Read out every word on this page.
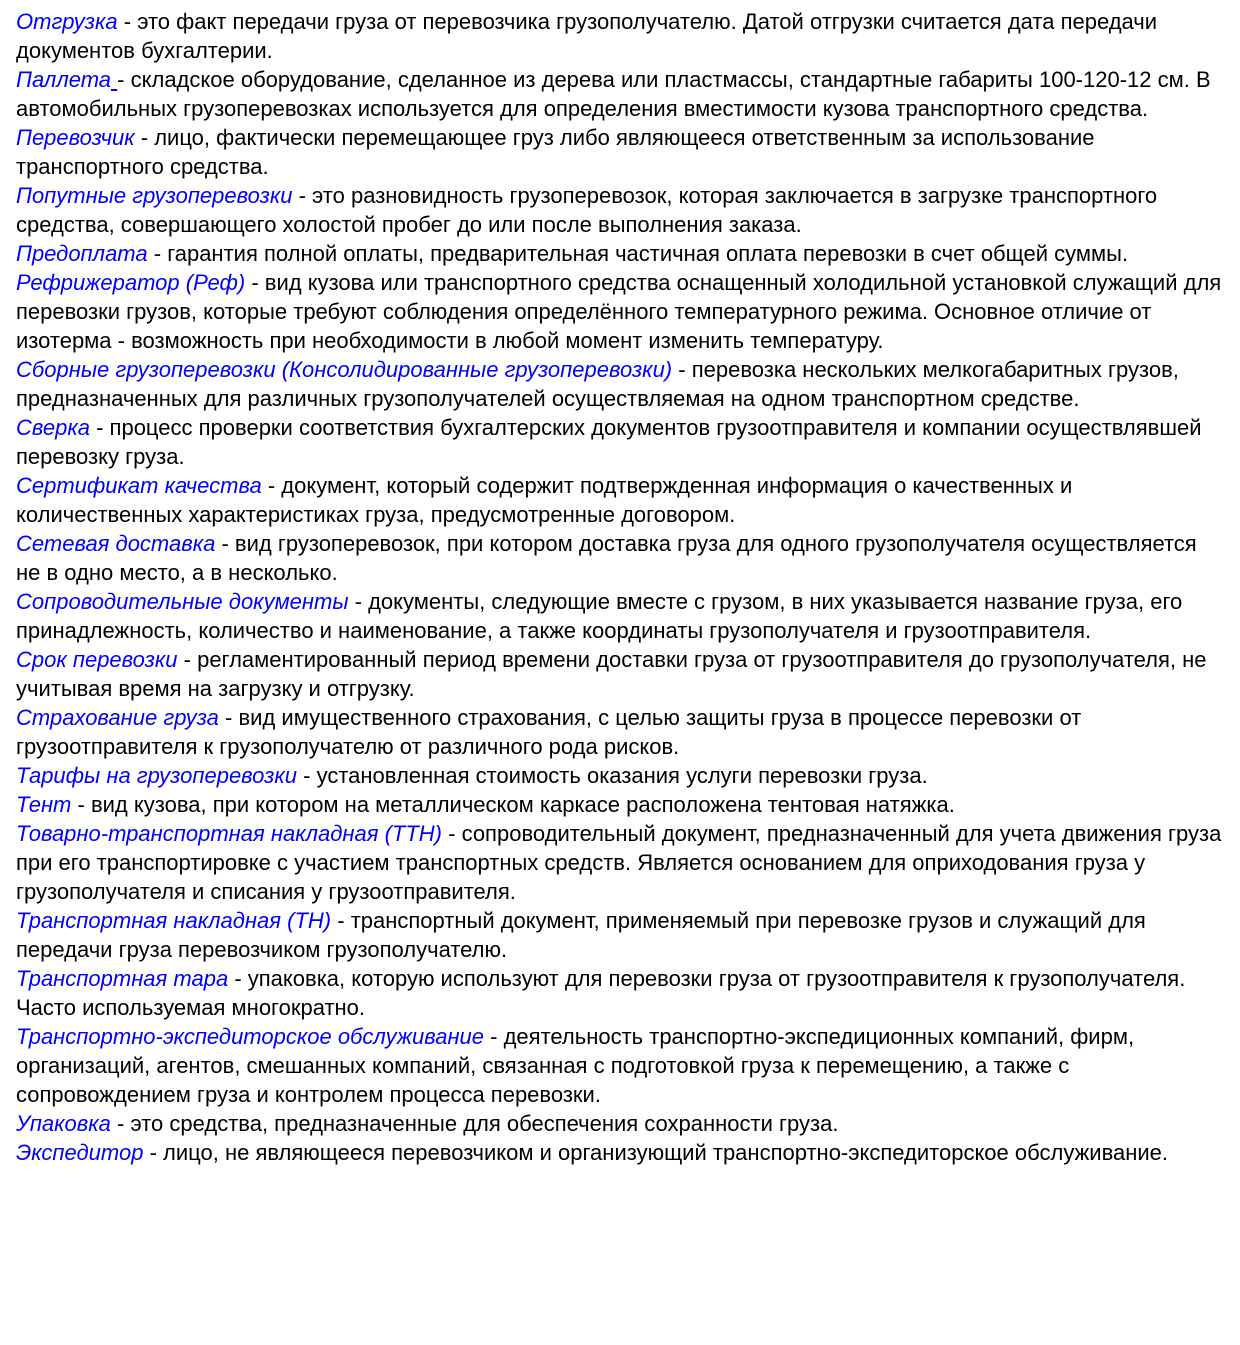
Отгрузка - это факт передачи груза от перевозчика грузополучателю. Датой отгрузки считается дата передачи документов бухгалтерии.

Паллета - складское оборудование, сделанное из дерева или пластмассы, стандартные габариты 100-120-12 см. В автомобильных грузоперевозках используется для определения вместимости кузова транспортного средства.

Перевозчик - лицо, фактически перемещающее груз либо являющееся ответственным за использование транспортного средства.

Попутные грузоперевозки - это разновидность грузоперевозок, которая заключается в загрузке транспортного средства, совершающего холостой пробег до или после выполнения заказа.

Предоплата - гарантия полной оплаты, предварительная частичная оплата перевозки в счет общей суммы.

Рефрижератор (Реф) - вид кузова или транспортного средства оснащенный холодильной установкой служащий для перевозки грузов, которые требуют соблюдения определённого температурного режима. Основное отличие от изотерма - возможность при необходимости в любой момент изменить температуру.

Сборные грузоперевозки (Консолидированные грузоперевозки) - перевозка нескольких мелкогабаритных грузов, предназначенных для различных грузополучателей осуществляемая на одном транспортном средстве.

Сверка - процесс проверки соответствия бухгалтерских документов грузоотправителя и компании осуществлявшей перевозку груза.

Сертификат качества - документ, который содержит подтвержденная информация о качественных и количественных характеристиках груза, предусмотренные договором.

Сетевая доставка - вид грузоперевозок, при котором доставка груза для одного грузополучателя осуществляется не в одно место, а в несколько.

Сопроводительные документы - документы, следующие вместе с грузом, в них указывается название груза, его принадлежность, количество и наименование, а также координаты грузополучателя и грузоотправителя.

Срок перевозки - регламентированный период времени доставки груза от грузоотправителя до грузополучателя, не учитывая время на загрузку и отгрузку.

Страхование груза - вид имущественного страхования, с целью защиты груза в процессе перевозки от грузоотправителя к грузополучателю от различного рода рисков.

Тарифы на грузоперевозки - установленная стоимость оказания услуги перевозки груза.

Тент - вид кузова, при котором на металлическом каркасе расположена тентовая натяжка.

Товарно-транспортная накладная (ТТН) - сопроводительный документ, предназначенный для учета движения груза при его транспортировке с участием транспортных средств. Является основанием для оприходования груза у грузополучателя и списания у грузоотправителя.

Транспортная накладная (ТН) - транспортный документ, применяемый при перевозке грузов и служащий для передачи груза перевозчиком грузополучателю.

Транспортная тара - упаковка, которую используют для перевозки груза от грузоотправителя к грузополучателя. Часто используемая многократно.

Транспортно-экспедиторское обслуживание - деятельность транспортно-экспедиционных компаний, фирм, организаций, агентов, смешанных компаний, связанная с подготовкой груза к перемещению, а также с сопровождением груза и контролем процесса перевозки.

Упаковка - это средства, предназначенные для обеспечения сохранности груза.

Экспедитор - лицо, не являющееся перевозчиком и организующий транспортно-экспедиторское обслуживание.
